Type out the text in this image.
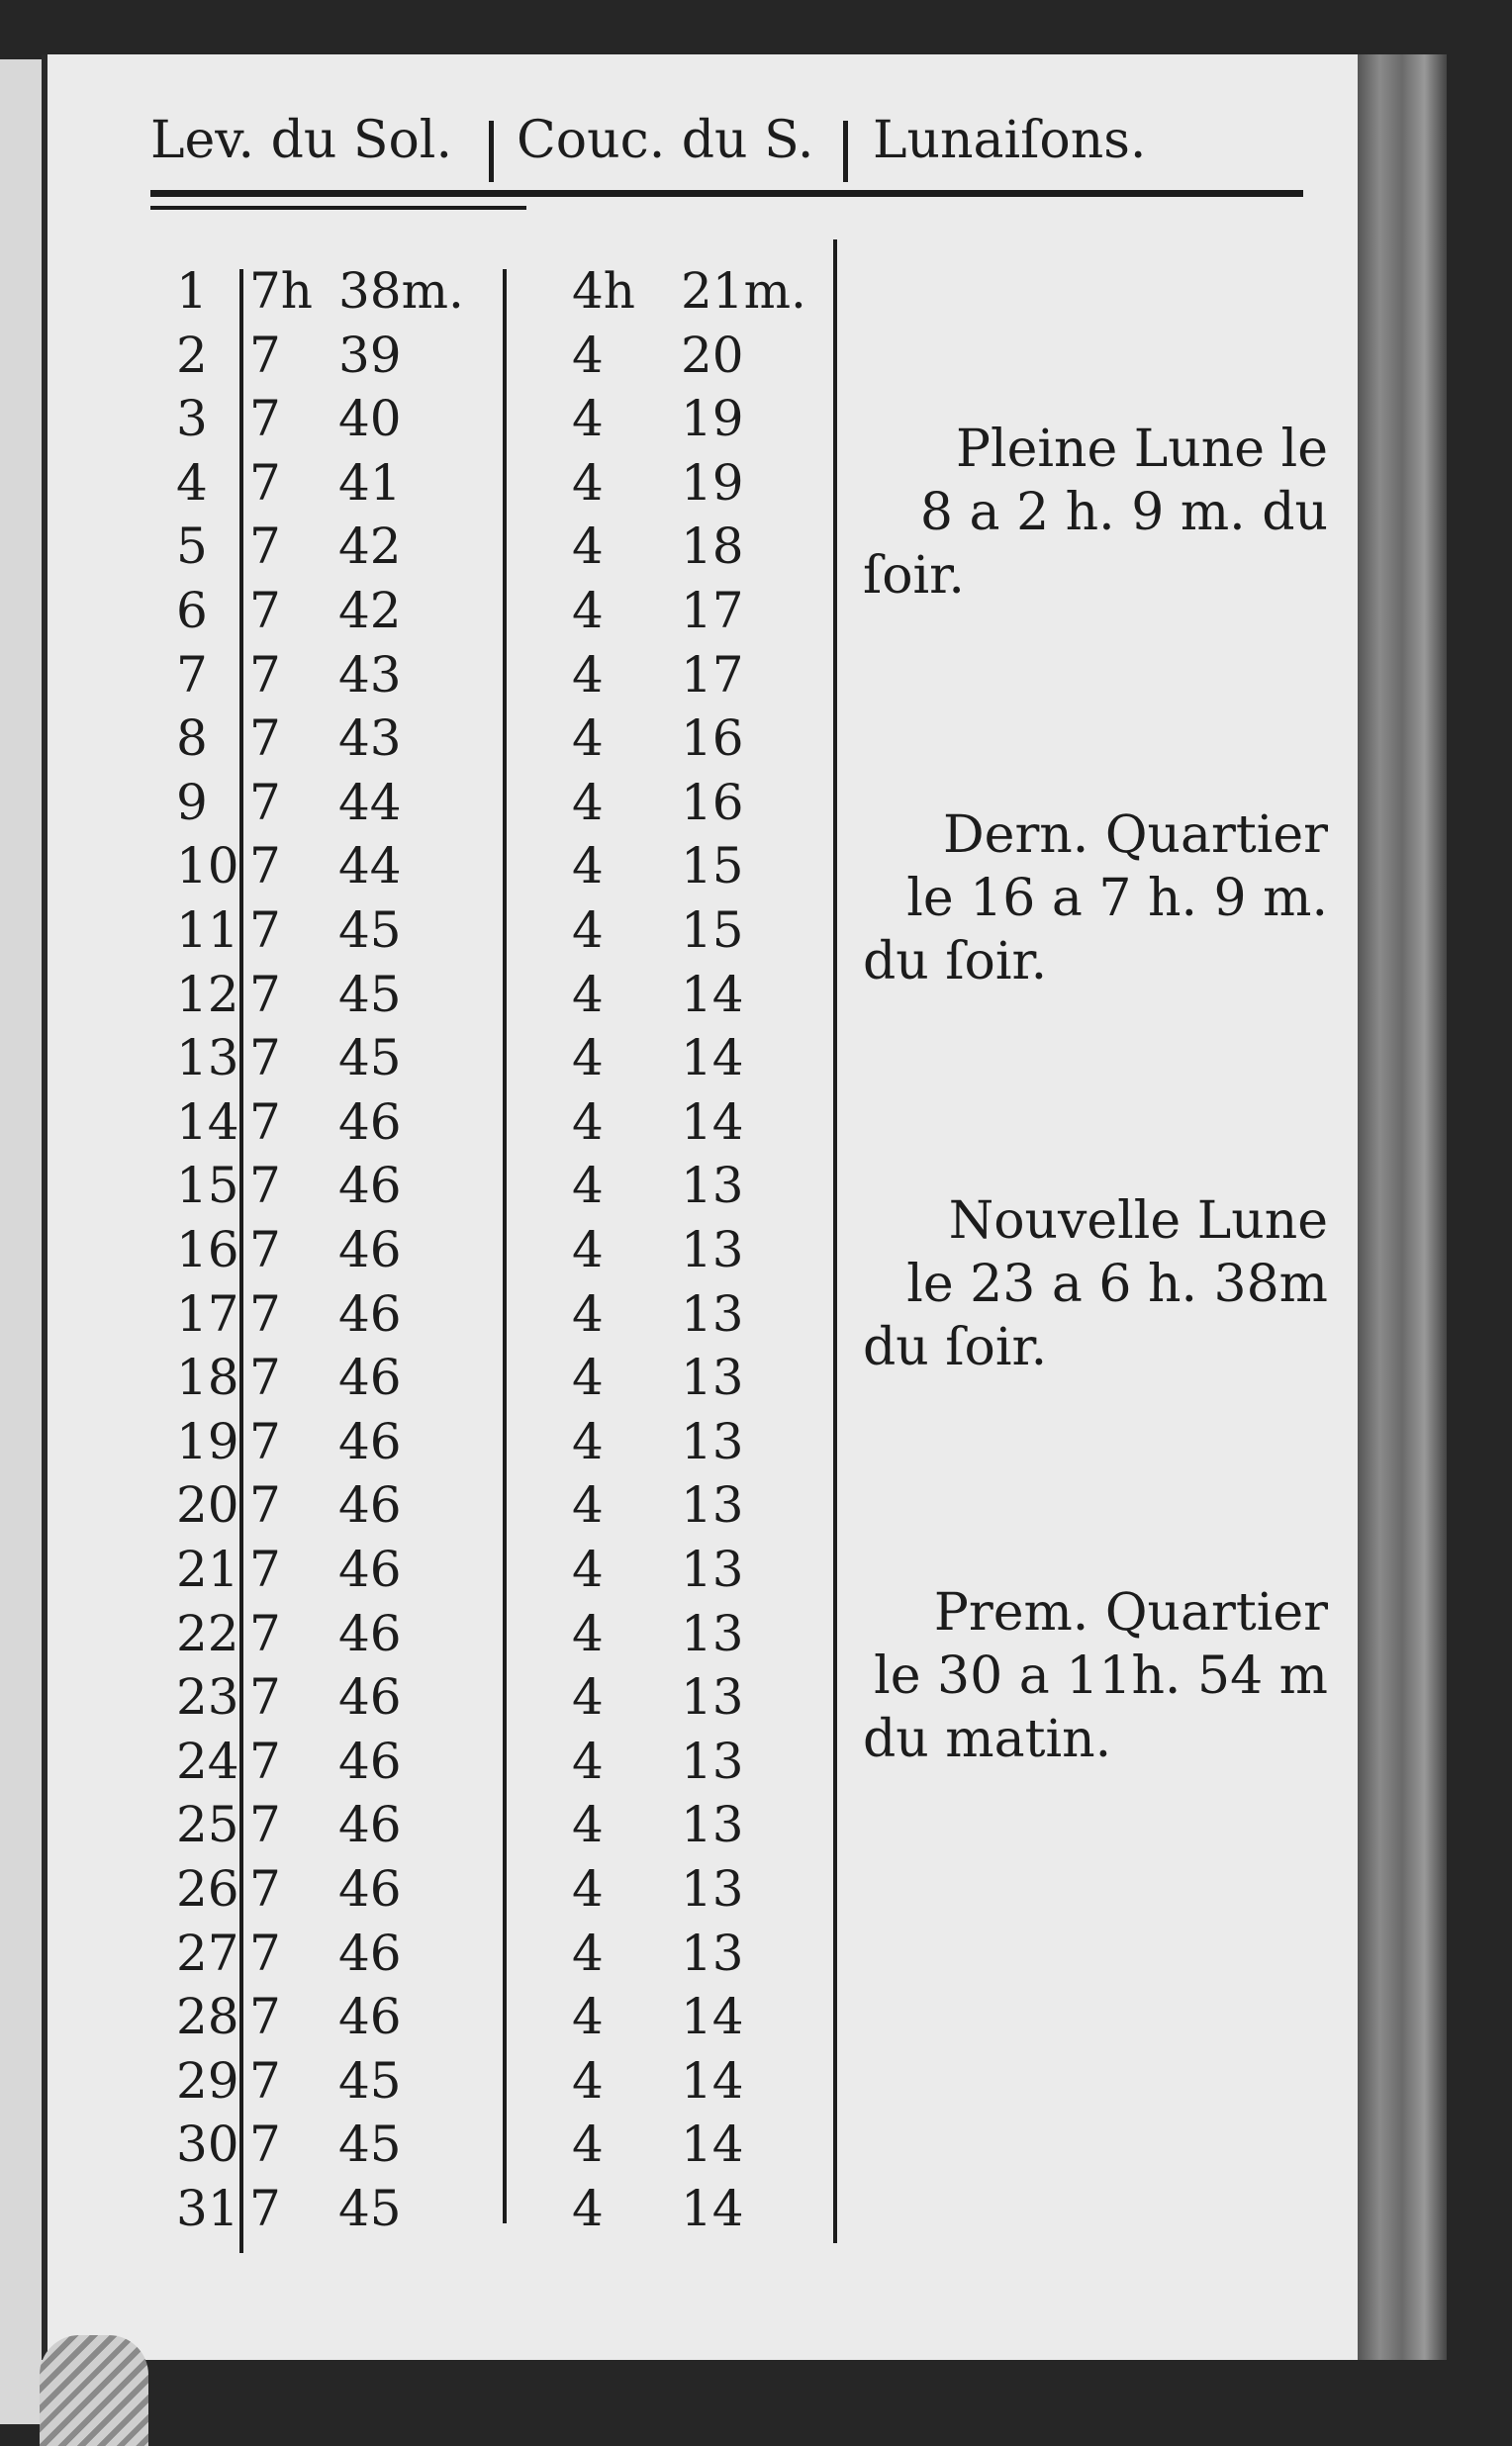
Lev. du Sol. Couc. du S. Lunaiſons.
1 7h 38m. 4h 21m.
2 7 39	4 20
3 7 40	4 19
4 7 41	4 19
5 7 42	4 18
6 7 42	4 17
7 7 43	4 17
8 7 43	4 16
9 7 44	4 16
10 7 44	4 15
11 7 45	4 15
12 7 45	4 14
13 7 45	4 14
14 7 46	4 14
15 7 46	4 13
16 7 46	4 13
17 7 46	4 13
18 7 46	4 13
19 7 46	4 13
20 7 46	4 13
21 7 46	4 13
22 7 46	4 13
23 7 46	4 13
24 7 46	4 13
25 7 46	4 13
26 7 46	4 13
27 7 46	4 13
28 7 46	4 14
29 7 45	4 14
30 7 45	4 14
31 7 45	4 14
Pleine Lune le
8 a 2 h. 9 m. du
ſoir.
Dern. Quartier
le 16 a 7 h. 9 m.
du ſoir.
Nouvelle Lune
le 23 a 6 h. 38m
du ſoir.
Prem. Quartier
le 30 a 11h. 54 m
du matin.
